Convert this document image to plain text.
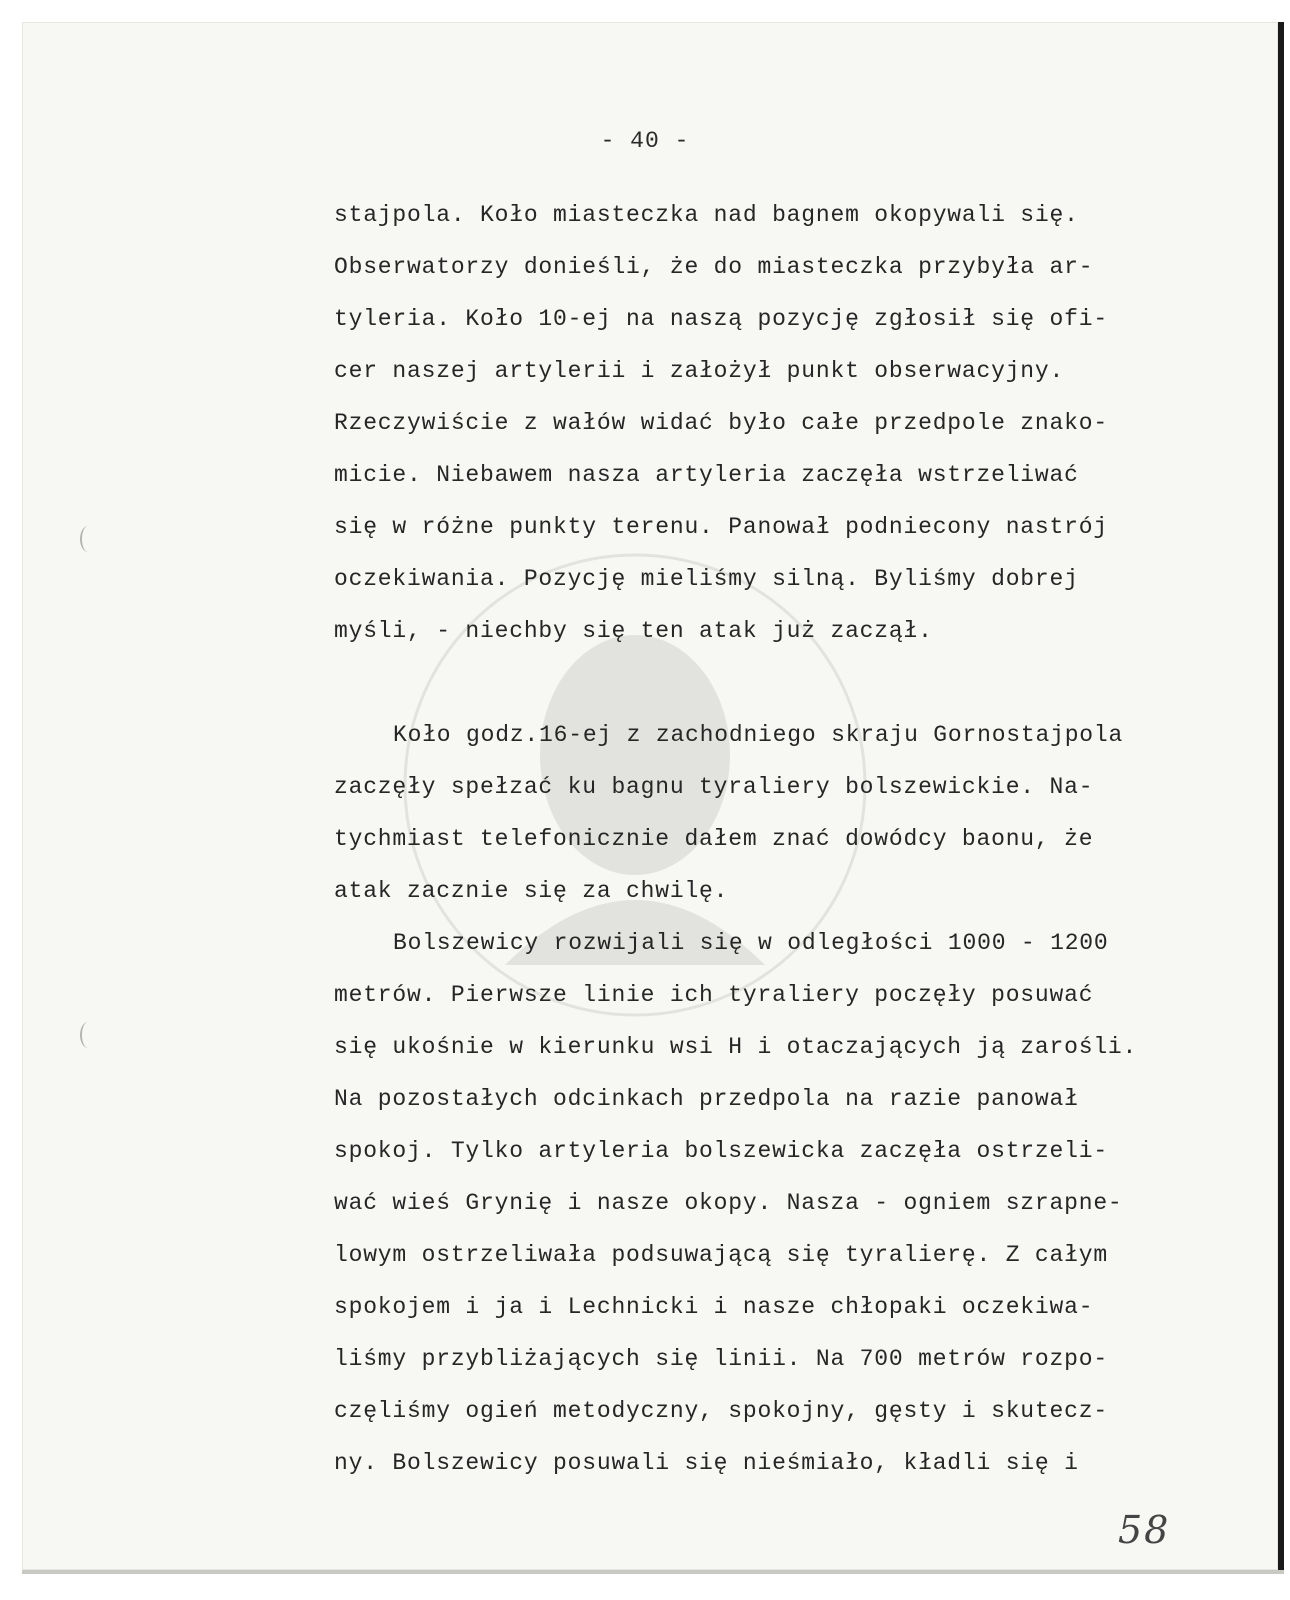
- 40 -
stajpola. Koło miasteczka nad bagnem okopywali się.
Obserwatorzy donieśli, że do miasteczka przybyła ar-
tyleria. Koło 10-ej na naszą pozycję zgłosił się ofi-
cer naszej artylerii i założył punkt obserwacyjny.
Rzeczywiście z wałów widać było całe przedpole znako-
micie. Niebawem nasza artyleria zaczęła wstrzeliwać
się w różne punkty terenu. Panował podniecony nastrój
oczekiwania. Pozycję mieliśmy silną. Byliśmy dobrej
myśli, - niechby się ten atak już zaczął.
Koło godz.16-ej z zachodniego skraju Gornostajpola
zaczęły spełzać ku bagnu tyraliery bolszewickie. Na-
tychmiast telefonicznie dałem znać dowódcy baonu, że
atak zacznie się za chwilę.
Bolszewicy rozwijali się w odległości 1000 - 1200
metrów. Pierwsze linie ich tyraliery poczęły posuwać
się ukośnie w kierunku wsi H i otaczających ją zarośli.
Na pozostałych odcinkach przedpola na razie panował
spokoj. Tylko artyleria bolszewicka zaczęła ostrzeli-
wać wieś Grynię i nasze okopy. Nasza - ogniem szrapne-
lowym ostrzeliwała podsuwającą się tyralierę. Z całym
spokojem i ja i Lechnicki i nasze chłopaki oczekiwa-
liśmy przybliżających się linii. Na 700 metrów rozpo-
częliśmy ogień metodyczny, spokojny, gęsty i skutecz-
ny. Bolszewicy posuwali się nieśmiało, kładli się i
58
